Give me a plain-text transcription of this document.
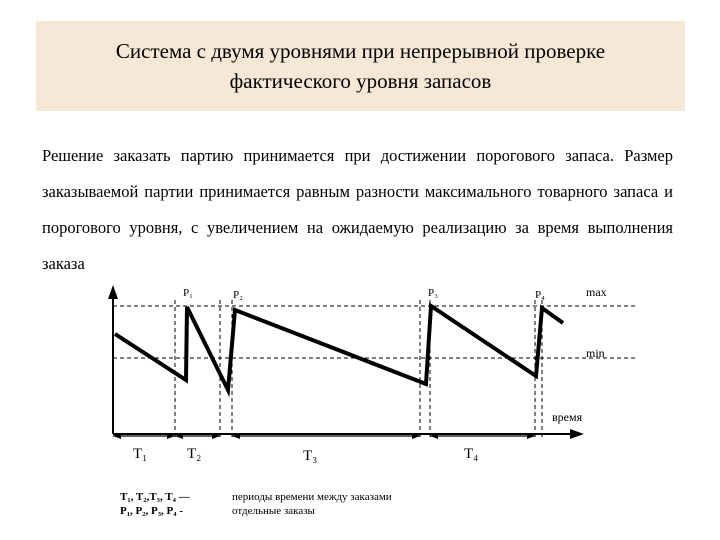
Система с двумя уровнями при непрерывной проверке
фактического уровня запасов
Решение заказать партию принимается при достижении порогового запаса. Размер заказываемой партии принимается равным разности максимального товарного запаса и порогового уровня, с увеличением на ожидаемую реализацию за время выполнения заказа
P₁	P₂	P₃	P₄	max
min
время
T₁	T₂	T₃	T₄
T₁, T₂,T₃, T₄ —	периоды времени между заказами
P₁, P₂, P₃, P₄ -	отдельные заказы
